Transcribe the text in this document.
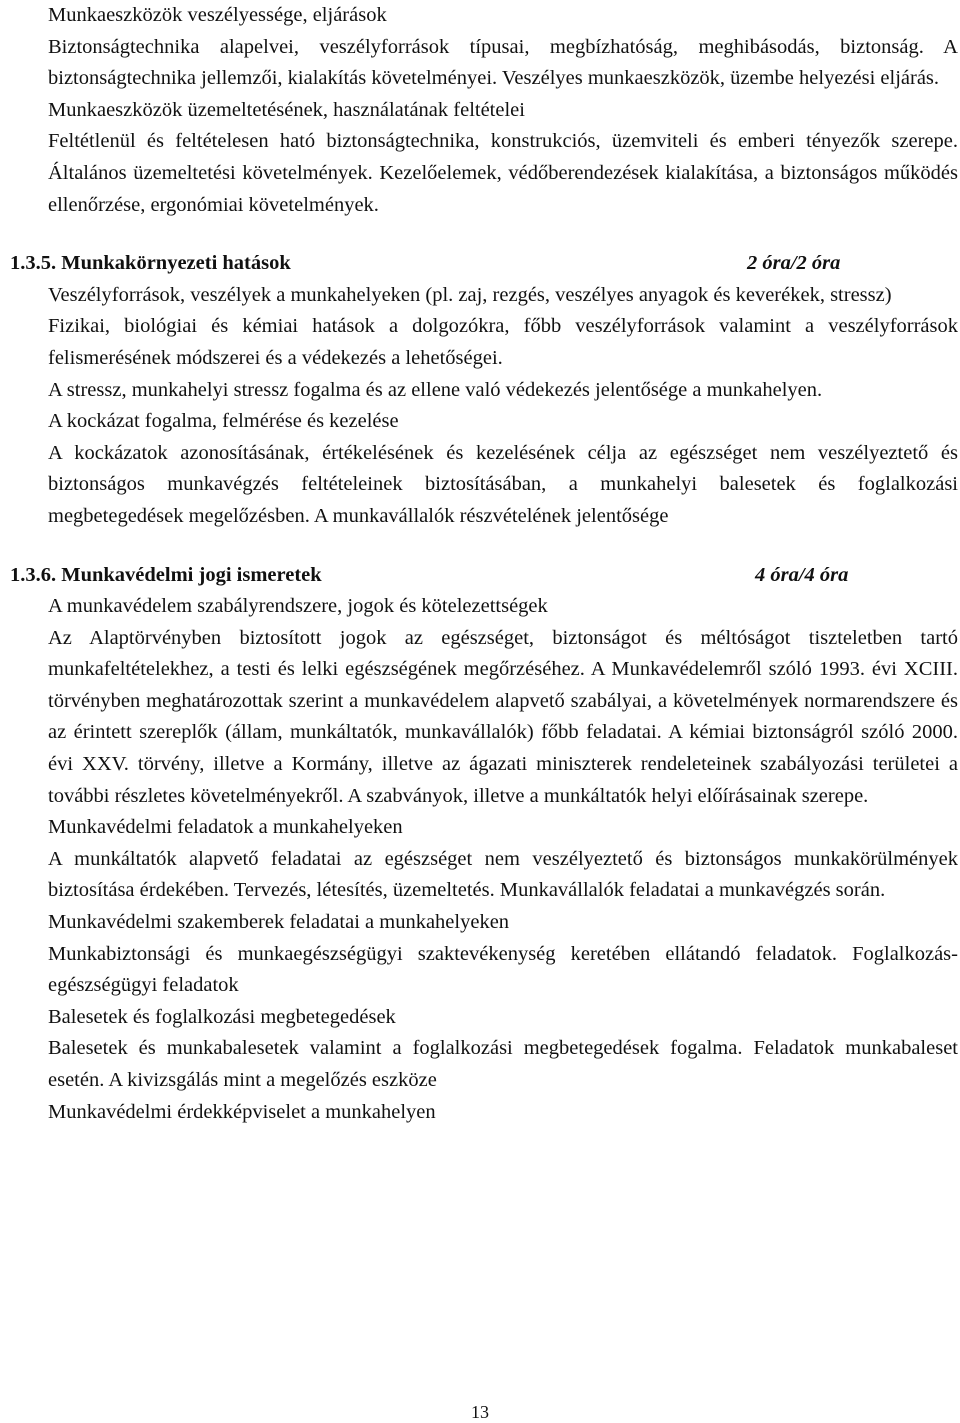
Munkaeszközök veszélyessége, eljárások

Biztonságtechnika alapelvei, veszélyforrások típusai, megbízhatóság, meghibásodás, biztonság. A biztonságtechnika jellemzői, kialakítás követelményei. Veszélyes munkaeszközök, üzembe helyezési eljárás.

Munkaeszközök üzemeltetésének, használatának feltételei

Feltétlenül és feltételesen ható biztonságtechnika, konstrukciós, üzemviteli és emberi tényezők szerepe. Általános üzemeltetési követelmények. Kezelőelemek, védőberendezések kialakítása, a biztonságos működés ellenőrzése, ergonómiai követelmények.

1.3.5. Munkakörnyezeti hatások	2 óra/2 óra

Veszélyforrások, veszélyek a munkahelyeken (pl. zaj, rezgés, veszélyes anyagok és keverékek, stressz)

Fizikai, biológiai és kémiai hatások a dolgozókra, főbb veszélyforrások valamint a veszélyforrások felismerésének módszerei és a védekezés a lehetőségei.

A stressz, munkahelyi stressz fogalma és az ellene való védekezés jelentősége a munkahelyen.

A kockázat fogalma, felmérése és kezelése

A kockázatok azonosításának, értékelésének és kezelésének célja az egészséget nem veszélyeztető és biztonságos munkavégzés feltételeinek biztosításában, a munkahelyi balesetek és foglalkozási megbetegedések megelőzésben. A munkavállalók részvételének jelentősége

1.3.6. Munkavédelmi jogi ismeretek	4 óra/4 óra

A munkavédelem szabályrendszere, jogok és kötelezettségek

Az Alaptörvényben biztosított jogok az egészséget, biztonságot és méltóságot tiszteletben tartó munkafeltételekhez, a testi és lelki egészségének megőrzéséhez. A Munkavédelemről szóló 1993. évi XCIII. törvényben meghatározottak szerint a munkavédelem alapvető szabályai, a követelmények normarendszere és az érintett szereplők (állam, munkáltatók, munkavállalók) főbb feladatai. A kémiai biztonságról szóló 2000. évi XXV. törvény, illetve a Kormány, illetve az ágazati miniszterek rendeleteinek szabályozási területei a további részletes követelményekről. A szabványok, illetve a munkáltatók helyi előírásainak szerepe.

Munkavédelmi feladatok a munkahelyeken

A munkáltatók alapvető feladatai az egészséget nem veszélyeztető és biztonságos munkakörülmények biztosítása érdekében. Tervezés, létesítés, üzemeltetés. Munkavállalók feladatai a munkavégzés során.

Munkavédelmi szakemberek feladatai a munkahelyeken

Munkabiztonsági és munkaegészségügyi szaktevékenység keretében ellátandó feladatok. Foglalkozás-egészségügyi feladatok

Balesetek és foglalkozási megbetegedések

Balesetek és munkabalesetek valamint a foglalkozási megbetegedések fogalma. Feladatok munkabaleset esetén. A kivizsgálás mint a megelőzés eszköze

Munkavédelmi érdekképviselet a munkahelyen

13
